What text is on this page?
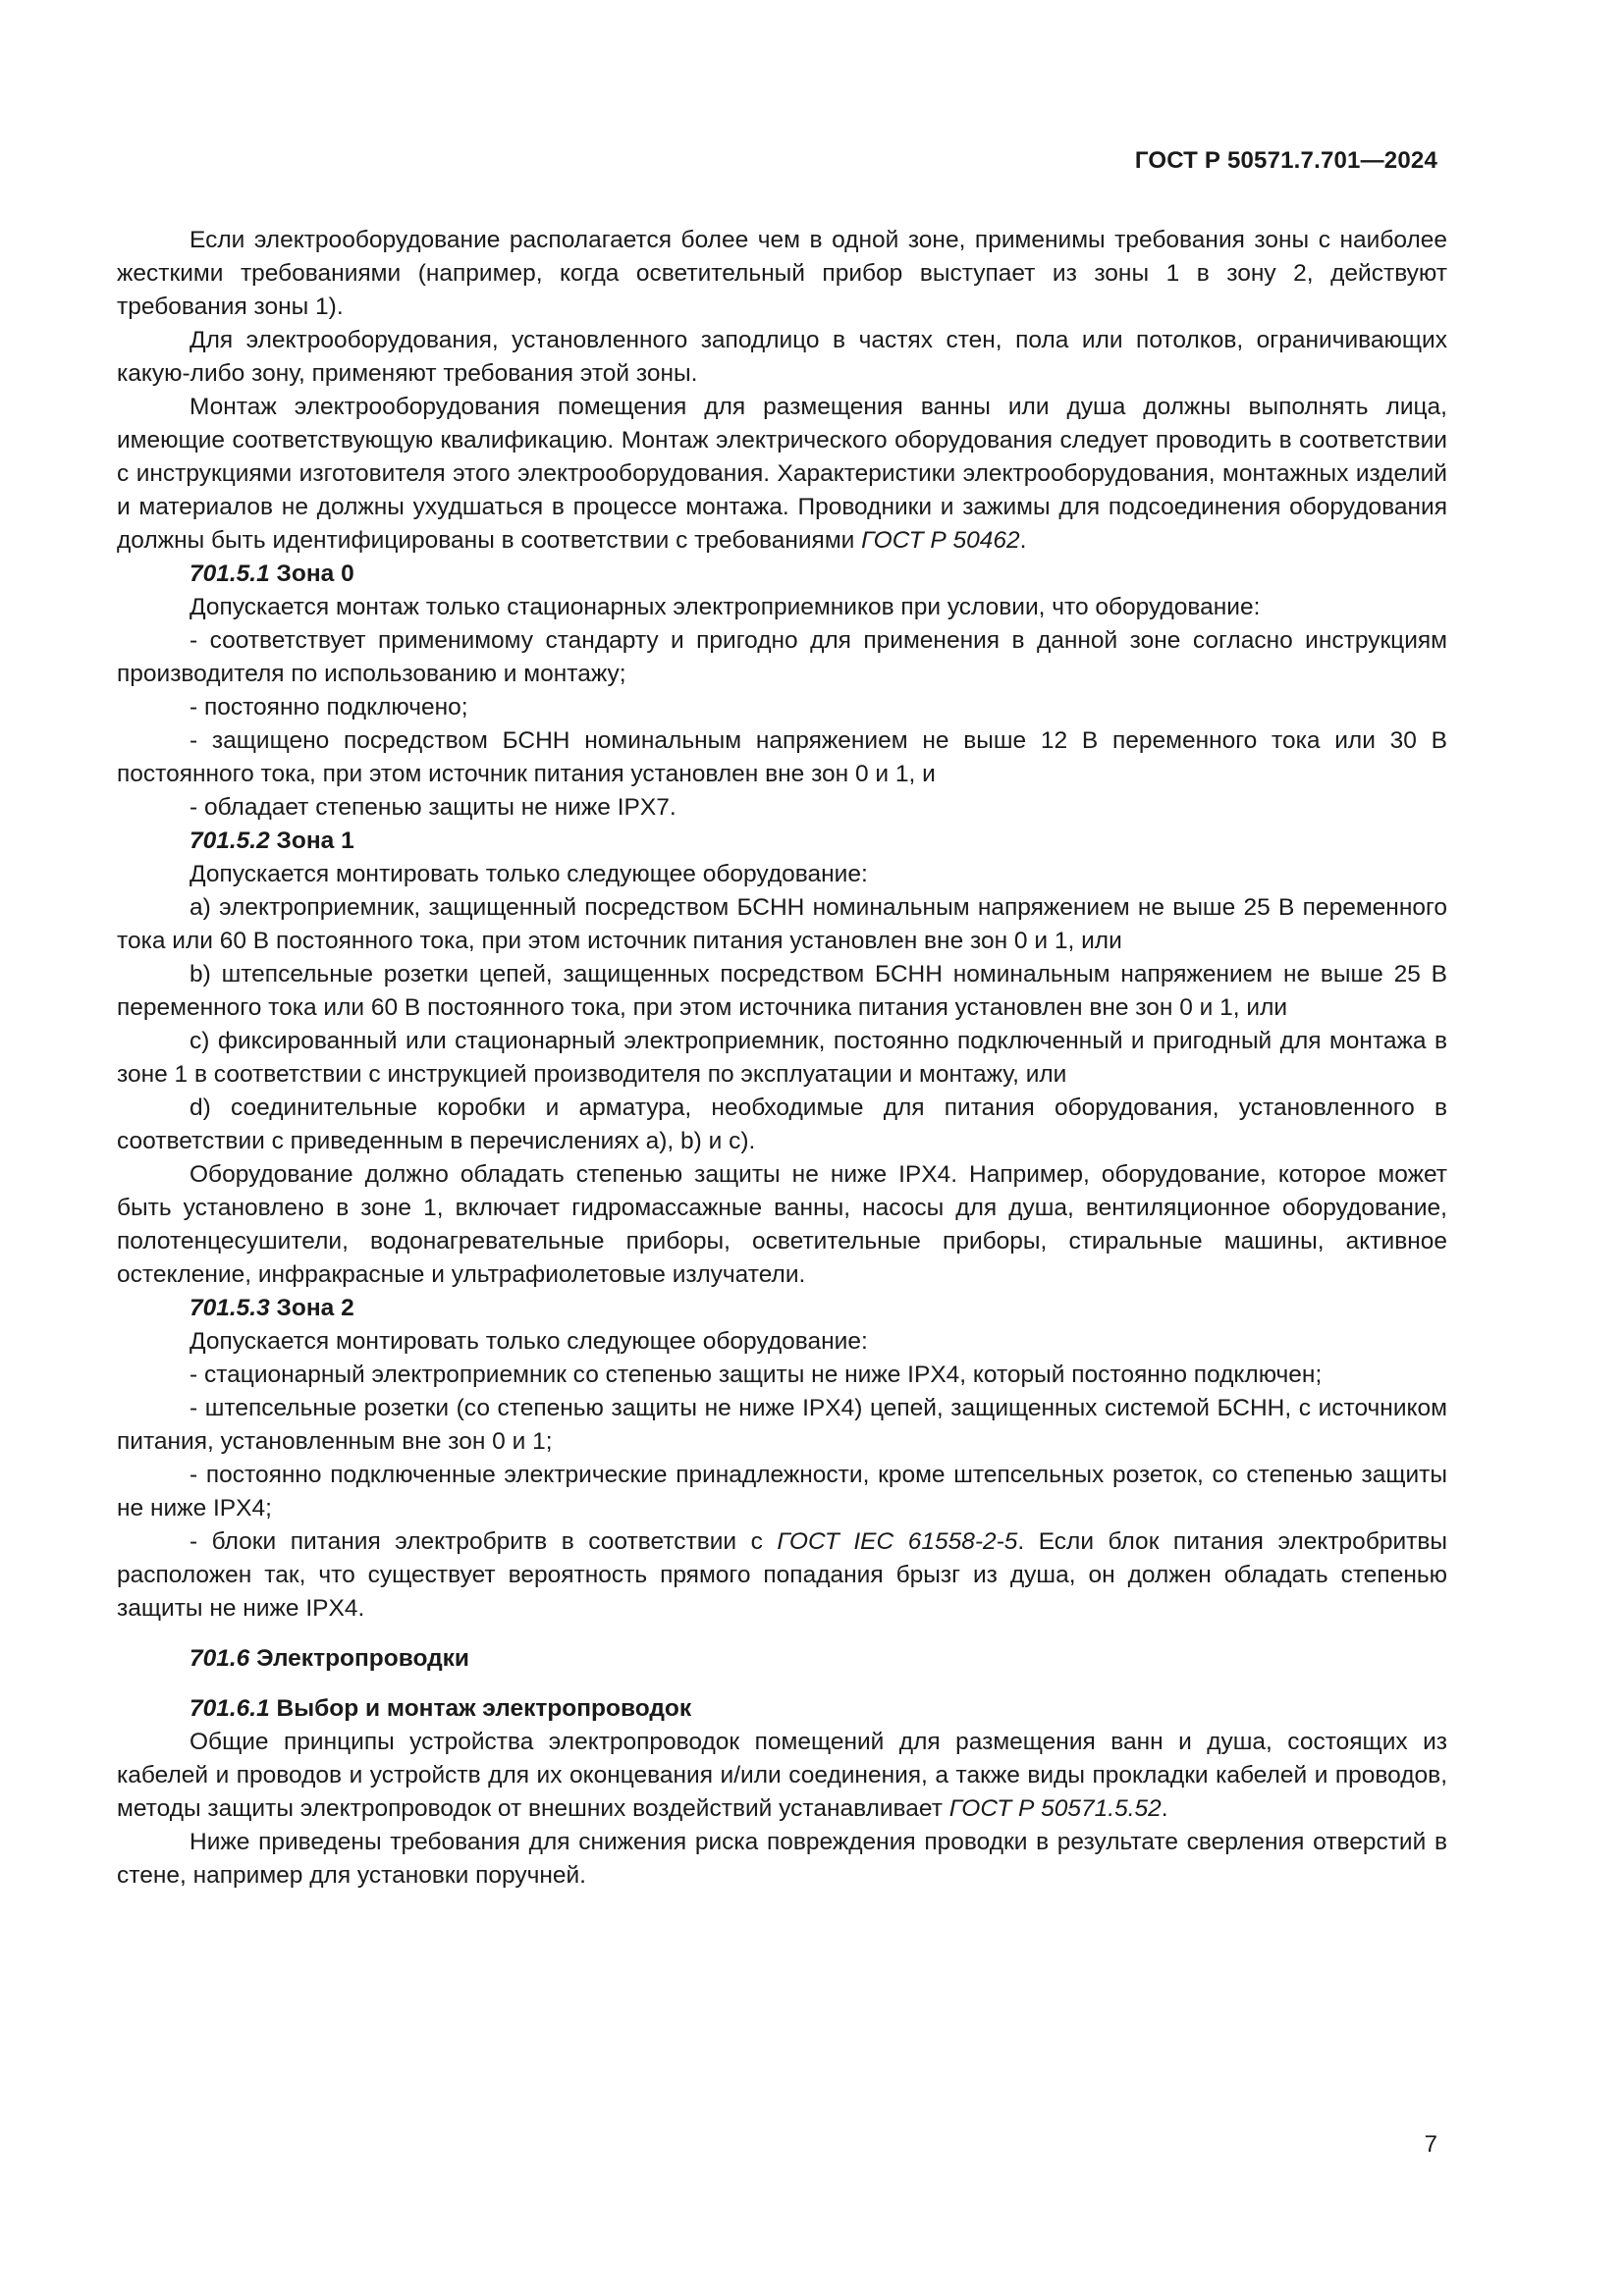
ГОСТ Р 50571.7.701—2024

Если электрооборудование располагается более чем в одной зоне, применимы требования зоны с наиболее жесткими требованиями (например, когда осветительный прибор выступает из зоны 1 в зону 2, действуют требования зоны 1).

Для электрооборудования, установленного заподлицо в частях стен, пола или потолков, ограничивающих какую-либо зону, применяют требования этой зоны.

Монтаж электрооборудования помещения для размещения ванны или душа должны выполнять лица, имеющие соответствующую квалификацию. Монтаж электрического оборудования следует проводить в соответствии с инструкциями изготовителя этого электрооборудования. Характеристики электрооборудования, монтажных изделий и материалов не должны ухудшаться в процессе монтажа. Проводники и зажимы для подсоединения оборудования должны быть идентифицированы в соответствии с требованиями ГОСТ Р 50462.

701.5.1 Зона 0

Допускается монтаж только стационарных электроприемников при условии, что оборудование:

- соответствует применимому стандарту и пригодно для применения в данной зоне согласно инструкциям производителя по использованию и монтажу;

- постоянно подключено;

- защищено посредством БСНН номинальным напряжением не выше 12 В переменного тока или 30 В постоянного тока, при этом источник питания установлен вне зон 0 и 1, и

- обладает степенью защиты не ниже IPX7.

701.5.2 Зона 1

Допускается монтировать только следующее оборудование:

a) электроприемник, защищенный посредством БСНН номинальным напряжением не выше 25 В переменного тока или 60 В постоянного тока, при этом источник питания установлен вне зон 0 и 1, или

b) штепсельные розетки цепей, защищенных посредством БСНН номинальным напряжением не выше 25 В переменного тока или 60 В постоянного тока, при этом источника питания установлен вне зон 0 и 1, или

c) фиксированный или стационарный электроприемник, постоянно подключенный и пригодный для монтажа в зоне 1 в соответствии с инструкцией производителя по эксплуатации и монтажу, или

d) соединительные коробки и арматура, необходимые для питания оборудования, установленного в соответствии с приведенным в перечислениях a), b) и c).

Оборудование должно обладать степенью защиты не ниже IPX4. Например, оборудование, которое может быть установлено в зоне 1, включает гидромассажные ванны, насосы для душа, вентиляционное оборудование, полотенцесушители, водонагревательные приборы, осветительные приборы, стиральные машины, активное остекление, инфракрасные и ультрафиолетовые излучатели.

701.5.3 Зона 2

Допускается монтировать только следующее оборудование:

- стационарный электроприемник со степенью защиты не ниже IPX4, который постоянно подключен;

- штепсельные розетки (со степенью защиты не ниже IPX4) цепей, защищенных системой БСНН, с источником питания, установленным вне зон 0 и 1;

- постоянно подключенные электрические принадлежности, кроме штепсельных розеток, со степенью защиты не ниже IPX4;

- блоки питания электробритв в соответствии с ГОСТ IEC 61558-2-5. Если блок питания электробритвы расположен так, что существует вероятность прямого попадания брызг из душа, он должен обладать степенью защиты не ниже IPX4.

701.6 Электропроводки

701.6.1 Выбор и монтаж электропроводок

Общие принципы устройства электропроводок помещений для размещения ванн и душа, состоящих из кабелей и проводов и устройств для их оконцевания и/или соединения, а также виды прокладки кабелей и проводов, методы защиты электропроводок от внешних воздействий устанавливает ГОСТ Р 50571.5.52.

Ниже приведены требования для снижения риска повреждения проводки в результате сверления отверстий в стене, например для установки поручней.

7
